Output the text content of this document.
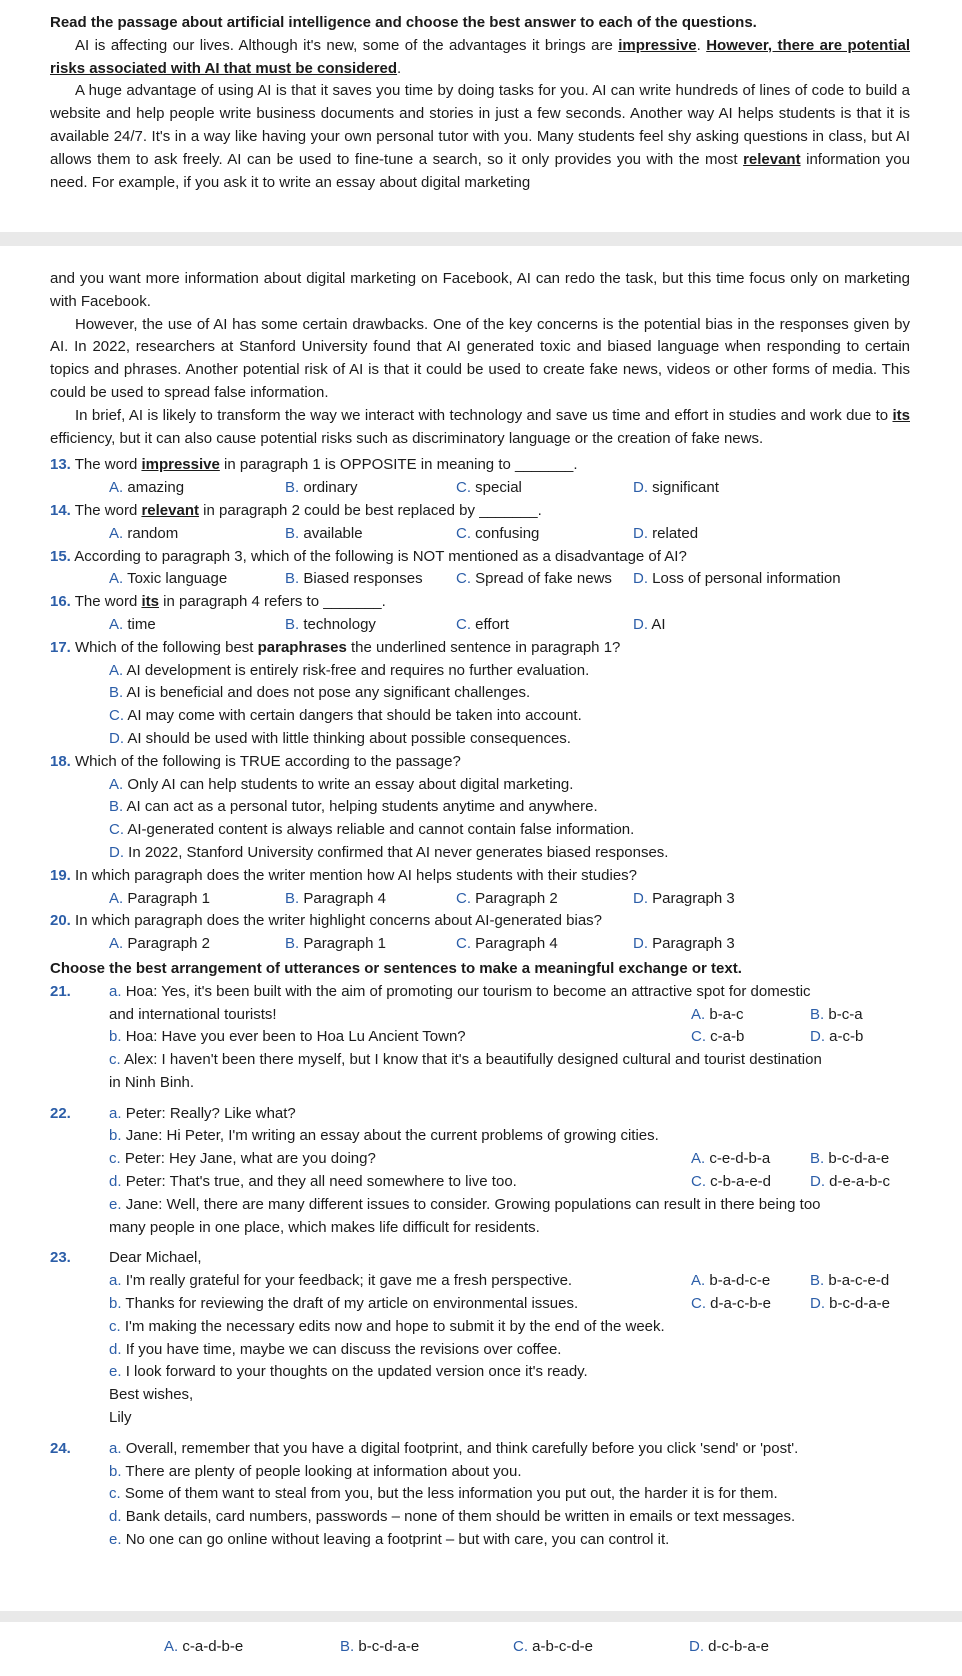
Read the passage about artificial intelligence and choose the best answer to each of the questions.
AI is affecting our lives. Although it's new, some of the advantages it brings are impressive. However, there are potential risks associated with AI that must be considered.
A huge advantage of using AI is that it saves you time by doing tasks for you. AI can write hundreds of lines of code to build a website and help people write business documents and stories in just a few seconds. Another way AI helps students is that it is available 24/7. It's in a way like having your own personal tutor with you. Many students feel shy asking questions in class, but AI allows them to ask freely. AI can be used to fine-tune a search, so it only provides you with the most relevant information you need. For example, if you ask it to write an essay about digital marketing
and you want more information about digital marketing on Facebook, AI can redo the task, but this time focus only on marketing with Facebook.
However, the use of AI has some certain drawbacks. One of the key concerns is the potential bias in the responses given by AI. In 2022, researchers at Stanford University found that AI generated toxic and biased language when responding to certain topics and phrases. Another potential risk of AI is that it could be used to create fake news, videos or other forms of media. This could be used to spread false information.
In brief, AI is likely to transform the way we interact with technology and save us time and effort in studies and work due to its efficiency, but it can also cause potential risks such as discriminatory language or the creation of fake news.
13. The word impressive in paragraph 1 is OPPOSITE in meaning to _______.
A. amazing	B. ordinary	C. special	D. significant
14. The word relevant in paragraph 2 could be best replaced by _______.
A. random	B. available	C. confusing	D. related
15. According to paragraph 3, which of the following is NOT mentioned as a disadvantage of AI?
A. Toxic language	B. Biased responses	C. Spread of fake news	D. Loss of personal information
16. The word its in paragraph 4 refers to _______.
A. time	B. technology	C. effort	D. AI
17. Which of the following best paraphrases the underlined sentence in paragraph 1?
A. AI development is entirely risk-free and requires no further evaluation.
B. AI is beneficial and does not pose any significant challenges.
C. AI may come with certain dangers that should be taken into account.
D. AI should be used with little thinking about possible consequences.
18. Which of the following is TRUE according to the passage?
A. Only AI can help students to write an essay about digital marketing.
B. AI can act as a personal tutor, helping students anytime and anywhere.
C. AI-generated content is always reliable and cannot contain false information.
D. In 2022, Stanford University confirmed that AI never generates biased responses.
19. In which paragraph does the writer mention how AI helps students with their studies?
A. Paragraph 1	B. Paragraph 4	C. Paragraph 2	D. Paragraph 3
20. In which paragraph does the writer highlight concerns about AI-generated bias?
A. Paragraph 2	B. Paragraph 1	C. Paragraph 4	D. Paragraph 3
Choose the best arrangement of utterances or sentences to make a meaningful exchange or text.
21.	a. Hoa: Yes, it's been built with the aim of promoting our tourism to become an attractive spot for domestic
and international tourists!	A. b-a-c	B. b-c-a
b. Hoa: Have you ever been to Hoa Lu Ancient Town?	C. c-a-b	D. a-c-b
c. Alex: I haven't been there myself, but I know that it's a beautifully designed cultural and tourist destination
in Ninh Binh.
22.	a. Peter: Really? Like what?
b. Jane: Hi Peter, I'm writing an essay about the current problems of growing cities.
c. Peter: Hey Jane, what are you doing?	A. c-e-d-b-a	B. b-c-d-a-e
d. Peter: That's true, and they all need somewhere to live too.	C. c-b-a-e-d	D. d-e-a-b-c
e. Jane: Well, there are many different issues to consider. Growing populations can result in there being too
many people in one place, which makes life difficult for residents.
23.	Dear Michael,
a. I'm really grateful for your feedback; it gave me a fresh perspective.	A. b-a-d-c-e	B. b-a-c-e-d
b. Thanks for reviewing the draft of my article on environmental issues.	C. d-a-c-b-e	D. b-c-d-a-e
c. I'm making the necessary edits now and hope to submit it by the end of the week.
d. If you have time, maybe we can discuss the revisions over coffee.
e. I look forward to your thoughts on the updated version once it's ready.
Best wishes,
Lily
24.	a. Overall, remember that you have a digital footprint, and think carefully before you click 'send' or 'post'.
b. There are plenty of people looking at information about you.
c. Some of them want to steal from you, but the less information you put out, the harder it is for them.
d. Bank details, card numbers, passwords – none of them should be written in emails or text messages.
e. No one can go online without leaving a footprint – but with care, you can control it.
A. c-a-d-b-e	B. b-c-d-a-e	C. a-b-c-d-e	D. d-c-b-a-e
